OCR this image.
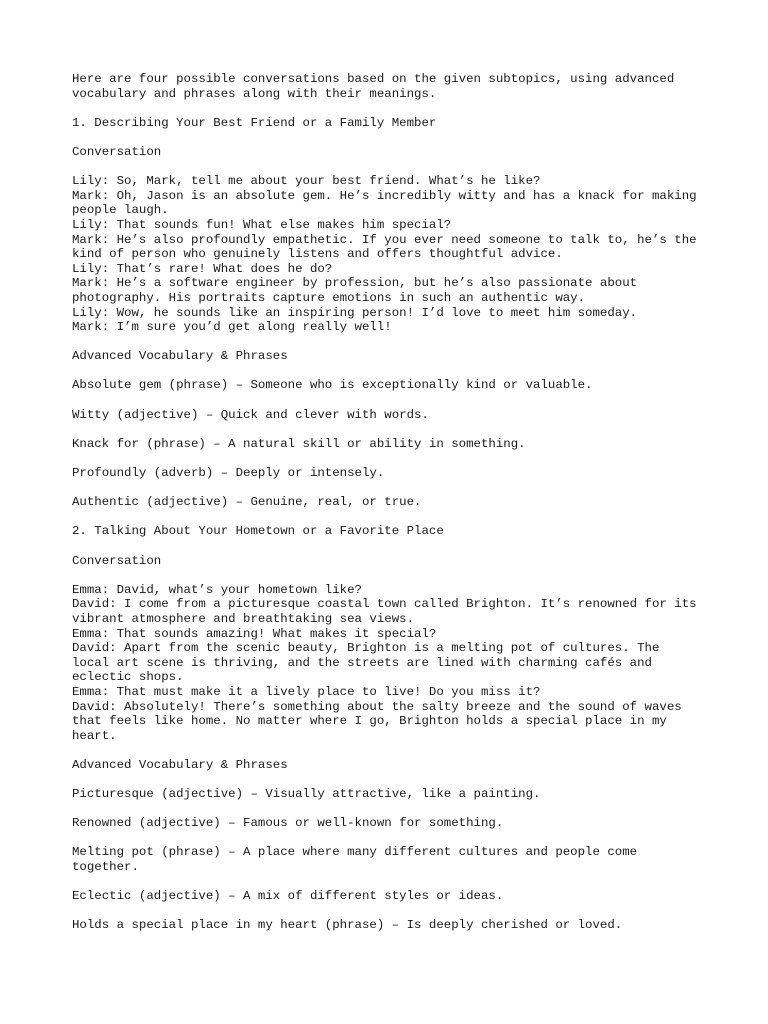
Here are four possible conversations based on the given subtopics, using advanced vocabulary and phrases along with their meanings.

1. Describing Your Best Friend or a Family Member

Conversation

Lily: So, Mark, tell me about your best friend. What’s he like?
Mark: Oh, Jason is an absolute gem. He’s incredibly witty and has a knack for making people laugh.
Lily: That sounds fun! What else makes him special?
Mark: He’s also profoundly empathetic. If you ever need someone to talk to, he’s the kind of person who genuinely listens and offers thoughtful advice.
Lily: That’s rare! What does he do?
Mark: He’s a software engineer by profession, but he’s also passionate about photography. His portraits capture emotions in such an authentic way.
Lily: Wow, he sounds like an inspiring person! I’d love to meet him someday.
Mark: I’m sure you’d get along really well!

Advanced Vocabulary & Phrases

Absolute gem (phrase) – Someone who is exceptionally kind or valuable.

Witty (adjective) – Quick and clever with words.

Knack for (phrase) – A natural skill or ability in something.

Profoundly (adverb) – Deeply or intensely.

Authentic (adjective) – Genuine, real, or true.

2. Talking About Your Hometown or a Favorite Place

Conversation

Emma: David, what’s your hometown like?
David: I come from a picturesque coastal town called Brighton. It’s renowned for its vibrant atmosphere and breathtaking sea views.
Emma: That sounds amazing! What makes it special?
David: Apart from the scenic beauty, Brighton is a melting pot of cultures. The local art scene is thriving, and the streets are lined with charming cafés and eclectic shops.
Emma: That must make it a lively place to live! Do you miss it?
David: Absolutely! There’s something about the salty breeze and the sound of waves that feels like home. No matter where I go, Brighton holds a special place in my heart.

Advanced Vocabulary & Phrases

Picturesque (adjective) – Visually attractive, like a painting.

Renowned (adjective) – Famous or well-known for something.

Melting pot (phrase) – A place where many different cultures and people come together.

Eclectic (adjective) – A mix of different styles or ideas.

Holds a special place in my heart (phrase) – Is deeply cherished or loved.
